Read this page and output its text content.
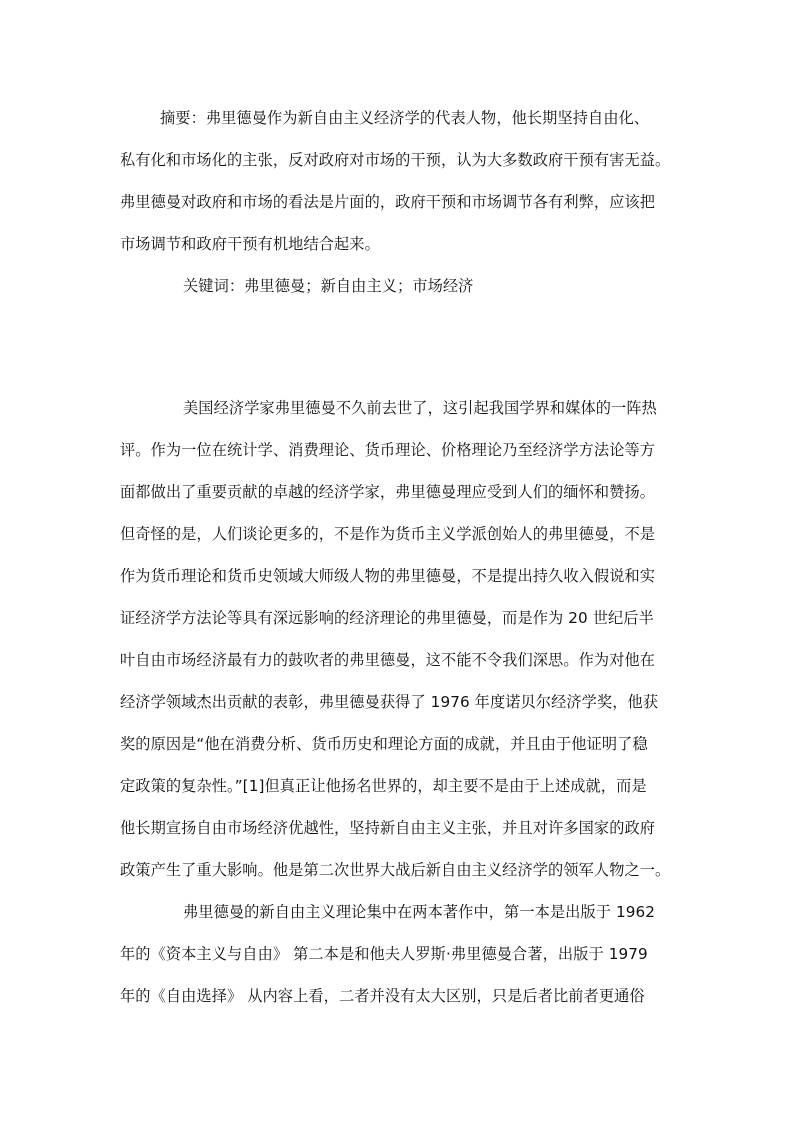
摘要：弗里德曼作为新自由主义经济学的代表人物，他长期坚持自由化、
私有化和市场化的主张，反对政府对市场的干预，认为大多数政府干预有害无益。
弗里德曼对政府和市场的看法是片面的，政府干预和市场调节各有利弊，应该把
市场调节和政府干预有机地结合起来。
关键词：弗里德曼；新自由主义；市场经济
美国经济学家弗里德曼不久前去世了，这引起我国学界和媒体的一阵热
评。作为一位在统计学、消费理论、货币理论、价格理论乃至经济学方法论等方
面都做出了重要贡献的卓越的经济学家，弗里德曼理应受到人们的缅怀和赞扬。
但奇怪的是，人们谈论更多的，不是作为货币主义学派创始人的弗里德曼，不是
作为货币理论和货币史领域大师级人物的弗里德曼，不是提出持久收入假说和实
证经济学方法论等具有深远影响的经济理论的弗里德曼，而是作为 20 世纪后半
叶自由市场经济最有力的鼓吹者的弗里德曼，这不能不令我们深思。作为对他在
经济学领域杰出贡献的表彰，弗里德曼获得了 1976 年度诺贝尔经济学奖，他获
奖的原因是“他在消费分析、货币历史和理论方面的成就，并且由于他证明了稳
定政策的复杂性。”[1]但真正让他扬名世界的，却主要不是由于上述成就，而是
他长期宣扬自由市场经济优越性，坚持新自由主义主张，并且对许多国家的政府
政策产生了重大影响。他是第二次世界大战后新自由主义经济学的领军人物之一。
弗里德曼的新自由主义理论集中在两本著作中，第一本是出版于 1962
年的《资本主义与自由》 第二本是和他夫人罗斯·弗里德曼合著，出版于 1979
年的《自由选择》 从内容上看，二者并没有太大区别，只是后者比前者更通俗
